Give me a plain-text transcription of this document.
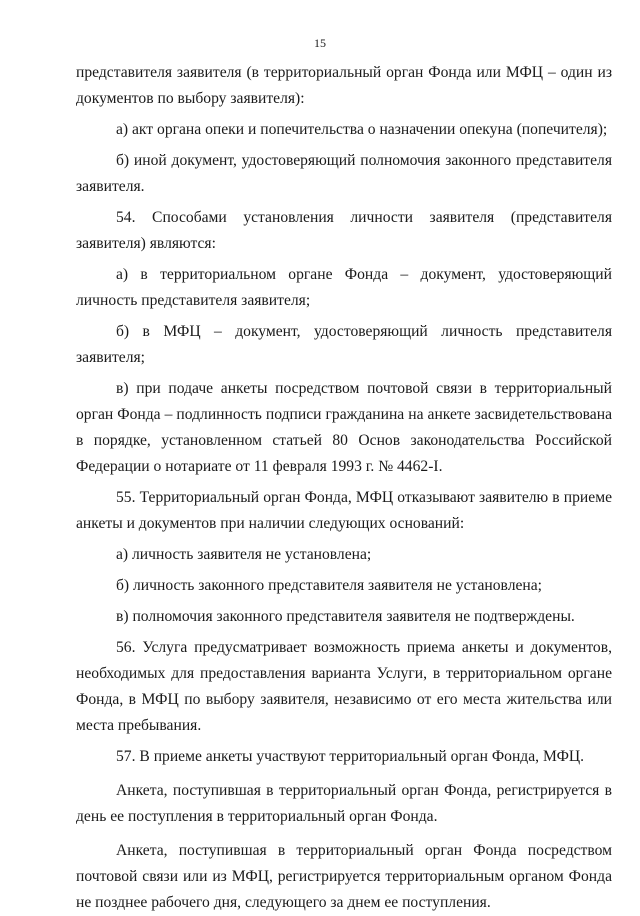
15

представителя заявителя (в территориальный орган Фонда или МФЦ – один из документов по выбору заявителя):

а) акт органа опеки и попечительства о назначении опекуна (попечителя);

б) иной документ, удостоверяющий полномочия законного представителя заявителя.

54. Способами установления личности заявителя (представителя заявителя) являются:

а) в территориальном органе Фонда – документ, удостоверяющий личность представителя заявителя;

б) в МФЦ – документ, удостоверяющий личность представителя заявителя;

в) при подаче анкеты посредством почтовой связи в территориальный орган Фонда – подлинность подписи гражданина на анкете засвидетельствована в порядке, установленном статьей 80 Основ законодательства Российской Федерации о нотариате от 11 февраля 1993 г. № 4462-I.

55. Территориальный орган Фонда, МФЦ отказывают заявителю в приеме анкеты и документов при наличии следующих оснований:

а) личность заявителя не установлена;

б) личность законного представителя заявителя не установлена;

в) полномочия законного представителя заявителя не подтверждены.

56. Услуга предусматривает возможность приема анкеты и документов, необходимых для предоставления варианта Услуги, в территориальном органе Фонда, в МФЦ по выбору заявителя, независимо от его места жительства или места пребывания.

57. В приеме анкеты участвуют территориальный орган Фонда, МФЦ.

Анкета, поступившая в территориальный орган Фонда, регистрируется в день ее поступления в территориальный орган Фонда.

Анкета, поступившая в территориальный орган Фонда посредством почтовой связи или из МФЦ, регистрируется территориальным органом Фонда не позднее рабочего дня, следующего за днем ее поступления.
